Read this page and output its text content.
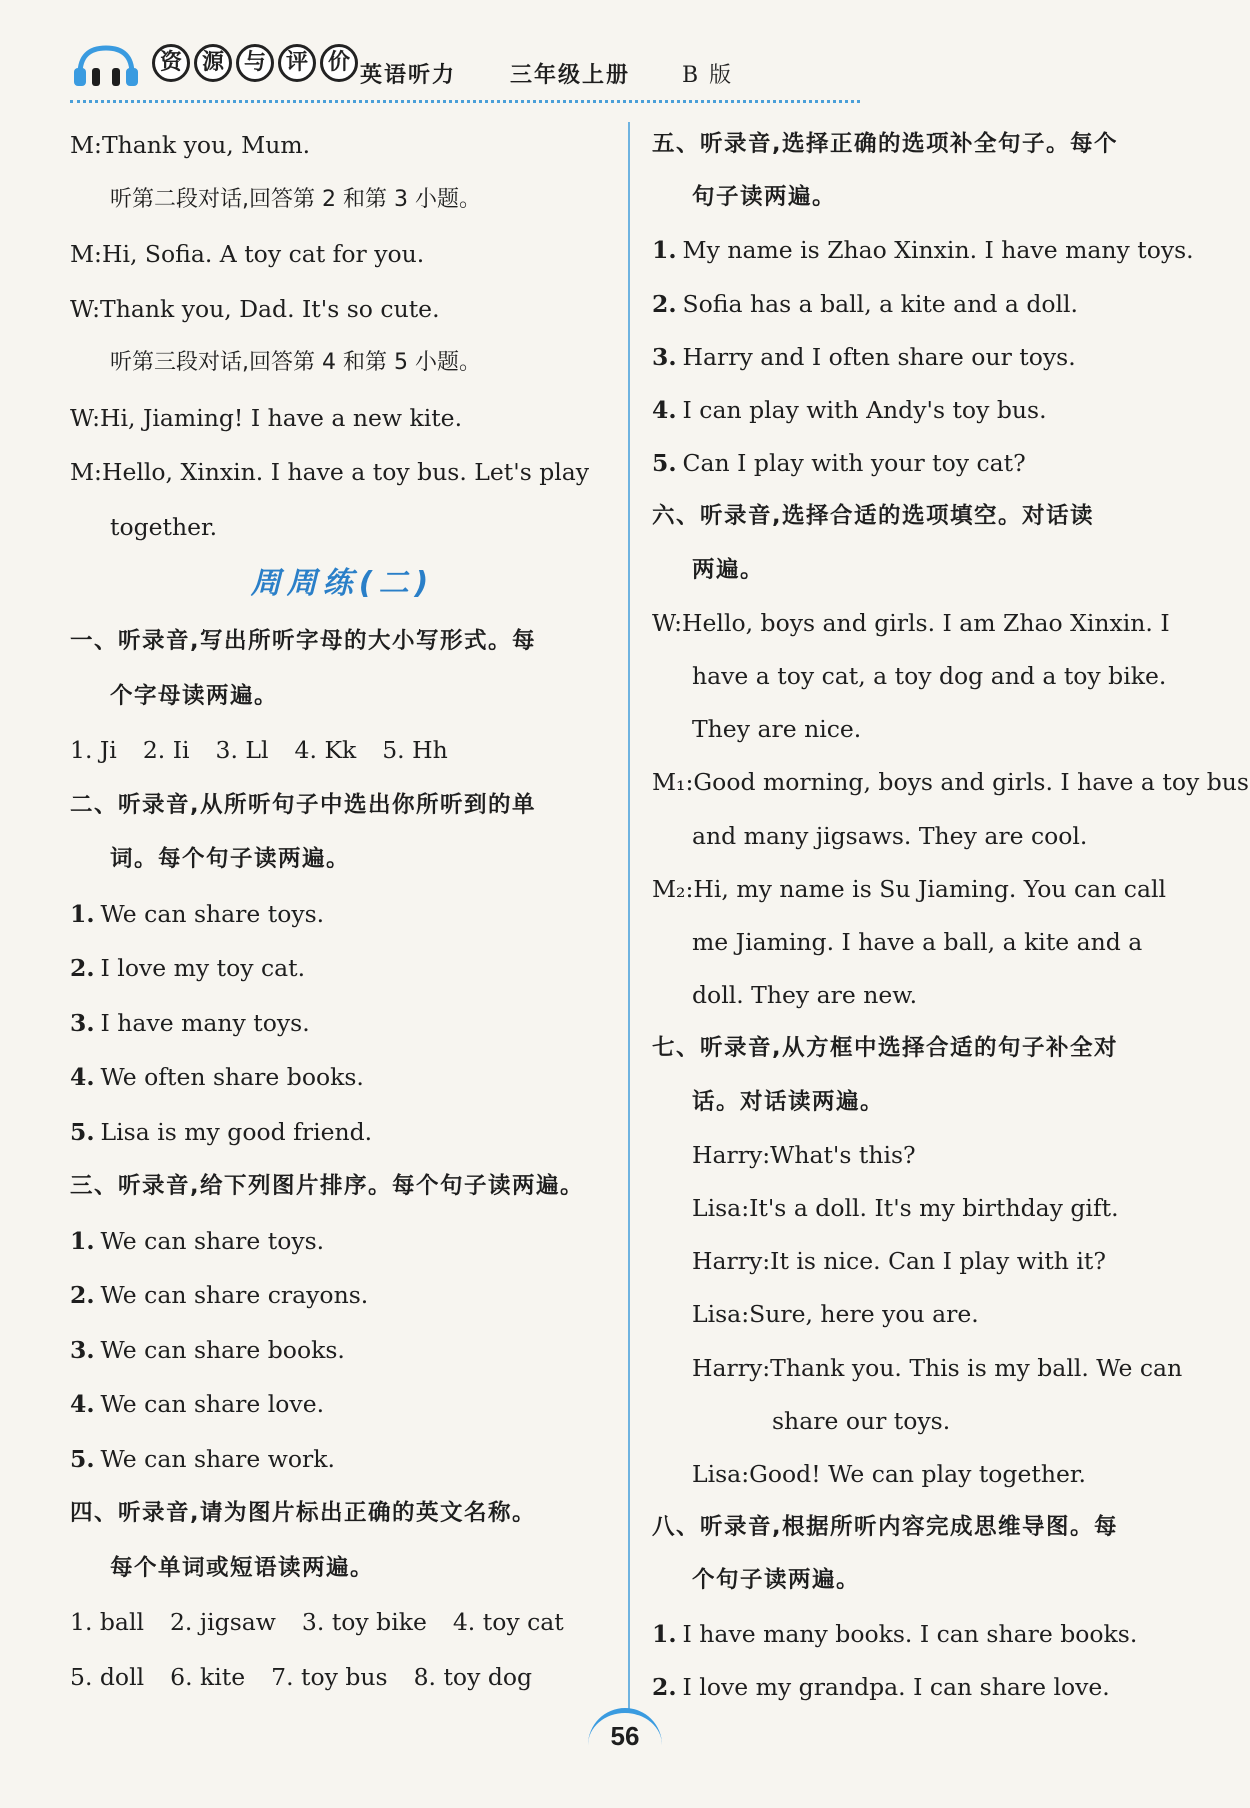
资 源 与 评 价
英语听力 三年级上册 B 版
M:Thank you, Mum.
听第二段对话,回答第 2 和第 3 小题。
M:Hi, Sofia. A toy cat for you.
W:Thank you, Dad. It's so cute.
听第三段对话,回答第 4 和第 5 小题。
W:Hi, Jiaming! I have a new kite.
M:Hello, Xinxin. I have a toy bus. Let's play
together.
周周练(二)
一、听录音,写出所听字母的大小写形式。每
个字母读两遍。
1. Ji 2. Ii 3. Ll 4. Kk 5. Hh
二、听录音,从所听句子中选出你所听到的单
词。每个句子读两遍。
1. We can share toys.
2. I love my toy cat.
3. I have many toys.
4. We often share books.
5. Lisa is my good friend.
三、听录音,给下列图片排序。每个句子读两遍。
1. We can share toys.
2. We can share crayons.
3. We can share books.
4. We can share love.
5. We can share work.
四、听录音,请为图片标出正确的英文名称。
每个单词或短语读两遍。
1. ball 2. jigsaw 3. toy bike 4. toy cat
5. doll 6. kite 7. toy bus 8. toy dog
五、听录音,选择正确的选项补全句子。每个
句子读两遍。
1. My name is Zhao Xinxin. I have many toys.
2. Sofia has a ball, a kite and a doll.
3. Harry and I often share our toys.
4. I can play with Andy's toy bus.
5. Can I play with your toy cat?
六、听录音,选择合适的选项填空。对话读
两遍。
W:Hello, boys and girls. I am Zhao Xinxin. I
have a toy cat, a toy dog and a toy bike.
They are nice.
M₁:Good morning, boys and girls. I have a toy bus
and many jigsaws. They are cool.
M₂:Hi, my name is Su Jiaming. You can call
me Jiaming. I have a ball, a kite and a
doll. They are new.
七、听录音,从方框中选择合适的句子补全对
话。对话读两遍。
Harry:What's this?
Lisa:It's a doll. It's my birthday gift.
Harry:It is nice. Can I play with it?
Lisa:Sure, here you are.
Harry:Thank you. This is my ball. We can
share our toys.
Lisa:Good! We can play together.
八、听录音,根据所听内容完成思维导图。每
个句子读两遍。
1. I have many books. I can share books.
2. I love my grandpa. I can share love.
56
